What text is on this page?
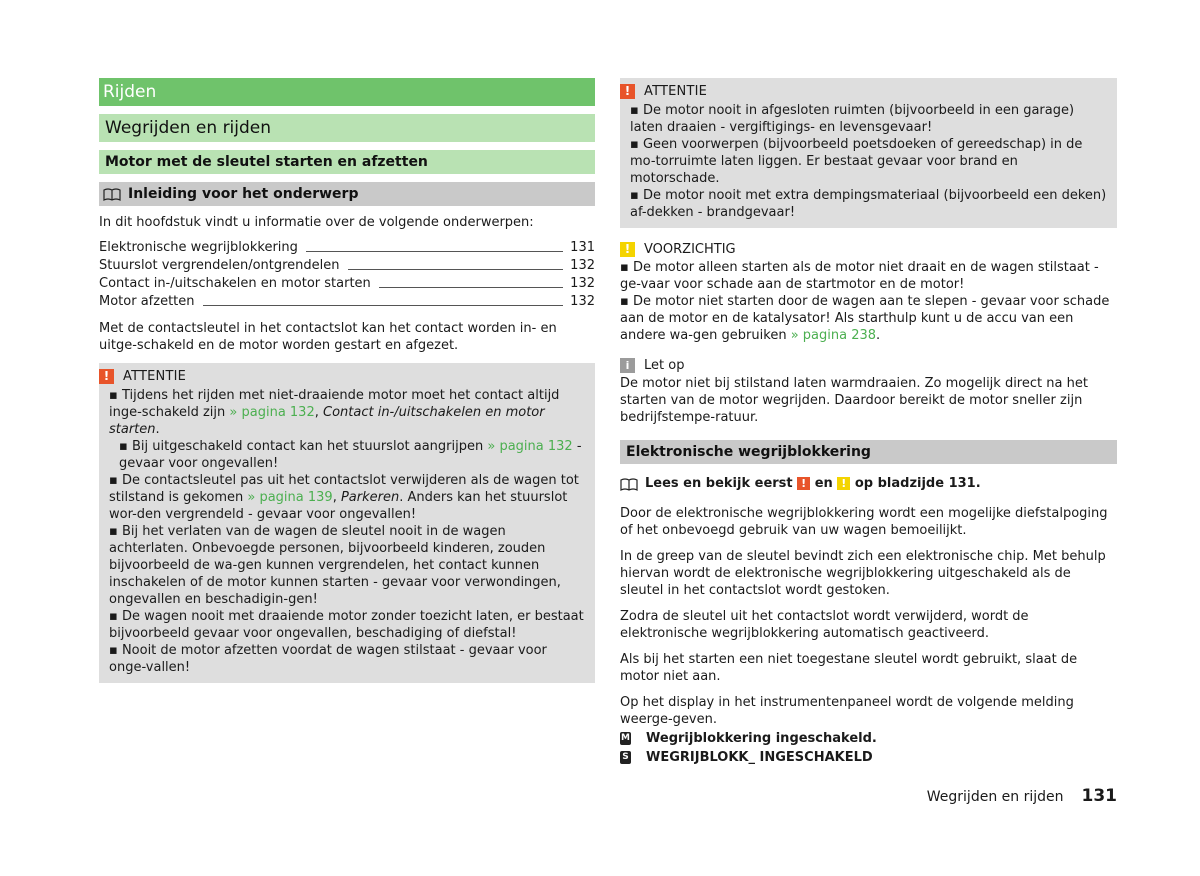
Rijden
Wegrijden en rijden
Motor met de sleutel starten en afzetten
Inleiding voor het onderwerp

In dit hoofdstuk vindt u informatie over de volgende onderwerpen:

Elektronische wegrijblokkering	131
Stuurslot vergrendelen/ontgrendelen	132
Contact in-/uitschakelen en motor starten	132
Motor afzetten	132

Met de contactsleutel in het contactslot kan het contact worden in- en uitge-schakeld en de motor worden gestart en afgezet.

!	ATTENTIE

▪ Tijdens het rijden met niet-draaiende motor moet het contact altijd inge-schakeld zijn » pagina 132, Contact in-/uitschakelen en motor starten.

▪ Bij uitgeschakeld contact kan het stuurslot aangrijpen » pagina 132 - gevaar voor ongevallen!

▪ De contactsleutel pas uit het contactslot verwijderen als de wagen tot stilstand is gekomen » pagina 139, Parkeren. Anders kan het stuurslot wor-den vergrendeld - gevaar voor ongevallen!

▪ Bij het verlaten van de wagen de sleutel nooit in de wagen achterlaten. Onbevoegde personen, bijvoorbeeld kinderen, zouden bijvoorbeeld de wa-gen kunnen vergrendelen, het contact kunnen inschakelen of de motor kunnen starten - gevaar voor verwondingen, ongevallen en beschadigin-gen!

▪ De wagen nooit met draaiende motor zonder toezicht laten, er bestaat bijvoorbeeld gevaar voor ongevallen, beschadiging of diefstal!

▪ Nooit de motor afzetten voordat de wagen stilstaat - gevaar voor onge-vallen!

!	ATTENTIE

▪ De motor nooit in afgesloten ruimten (bijvoorbeeld in een garage) laten draaien - vergiftigings- en levensgevaar!

▪ Geen voorwerpen (bijvoorbeeld poetsdoeken of gereedschap) in de mo-torruimte laten liggen. Er bestaat gevaar voor brand en motorschade.

▪ De motor nooit met extra dempingsmateriaal (bijvoorbeeld een deken) af-dekken - brandgevaar!

!	VOORZICHTIG

▪ De motor alleen starten als de motor niet draait en de wagen stilstaat - ge-vaar voor schade aan de startmotor en de motor!

▪ De motor niet starten door de wagen aan te slepen - gevaar voor schade aan de motor en de katalysator! Als starthulp kunt u de accu van een andere wa-gen gebruiken » pagina 238.

i	Let op

De motor niet bij stilstand laten warmdraaien. Zo mogelijk direct na het starten van de motor wegrijden. Daardoor bereikt de motor sneller zijn bedrijfstempe-ratuur.

Elektronische wegrijblokkering
Lees en bekijk eerst
!
en
!
op bladzijde 131.

Door de elektronische wegrijblokkering wordt een mogelijke diefstalpoging of het onbevoegd gebruik van uw wagen bemoeilijkt.

In de greep van de sleutel bevindt zich een elektronische chip. Met behulp hiervan wordt de elektronische wegrijblokkering uitgeschakeld als de sleutel in het contactslot wordt gestoken.

Zodra de sleutel uit het contactslot wordt verwijderd, wordt de elektronische wegrijblokkering automatisch geactiveerd.

Als bij het starten een niet toegestane sleutel wordt gebruikt, slaat de motor niet aan.

Op het display in het instrumentenpaneel wordt de volgende melding weerge-geven.

M Wegrijblokkering ingeschakeld.
S WEGRIJBLOKK_ INGESCHAKELD
Wegrijden en rijden 131
